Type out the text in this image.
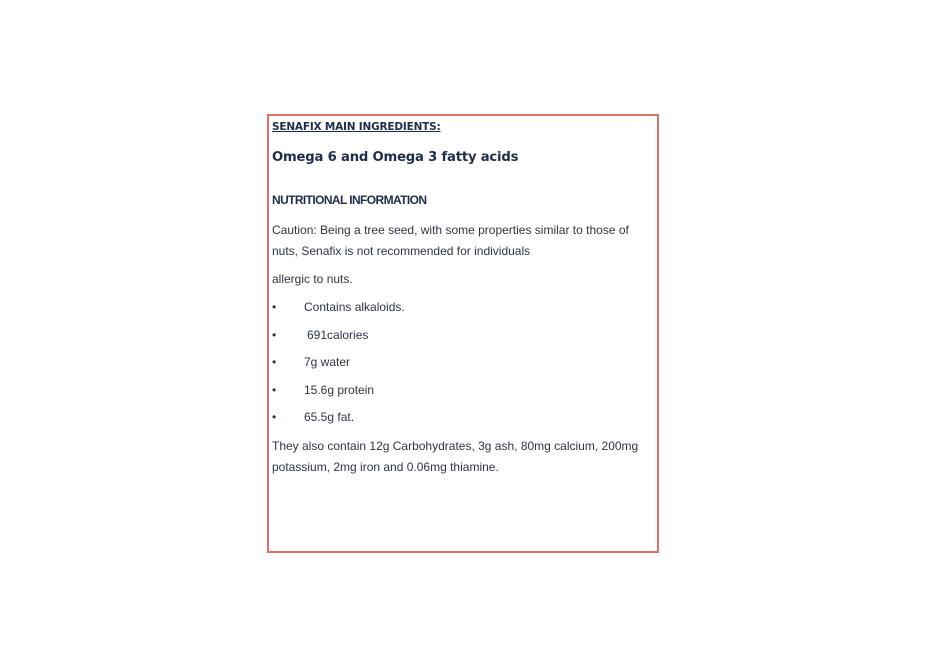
SENAFIX MAIN INGREDIENTS:
Omega 6 and Omega 3 fatty acids
NUTRITIONAL INFORMATION
Caution: Being a tree seed, with some properties similar to those of nuts, Senafix is not recommended for individuals
allergic to nuts.
• Contains alkaloids.
•	691calories
• 7g water
• 15.6g protein
• 65.5g fat.
They also contain 12g Carbohydrates, 3g ash, 80mg calcium, 200mg potassium, 2mg iron and 0.06mg thiamine.
